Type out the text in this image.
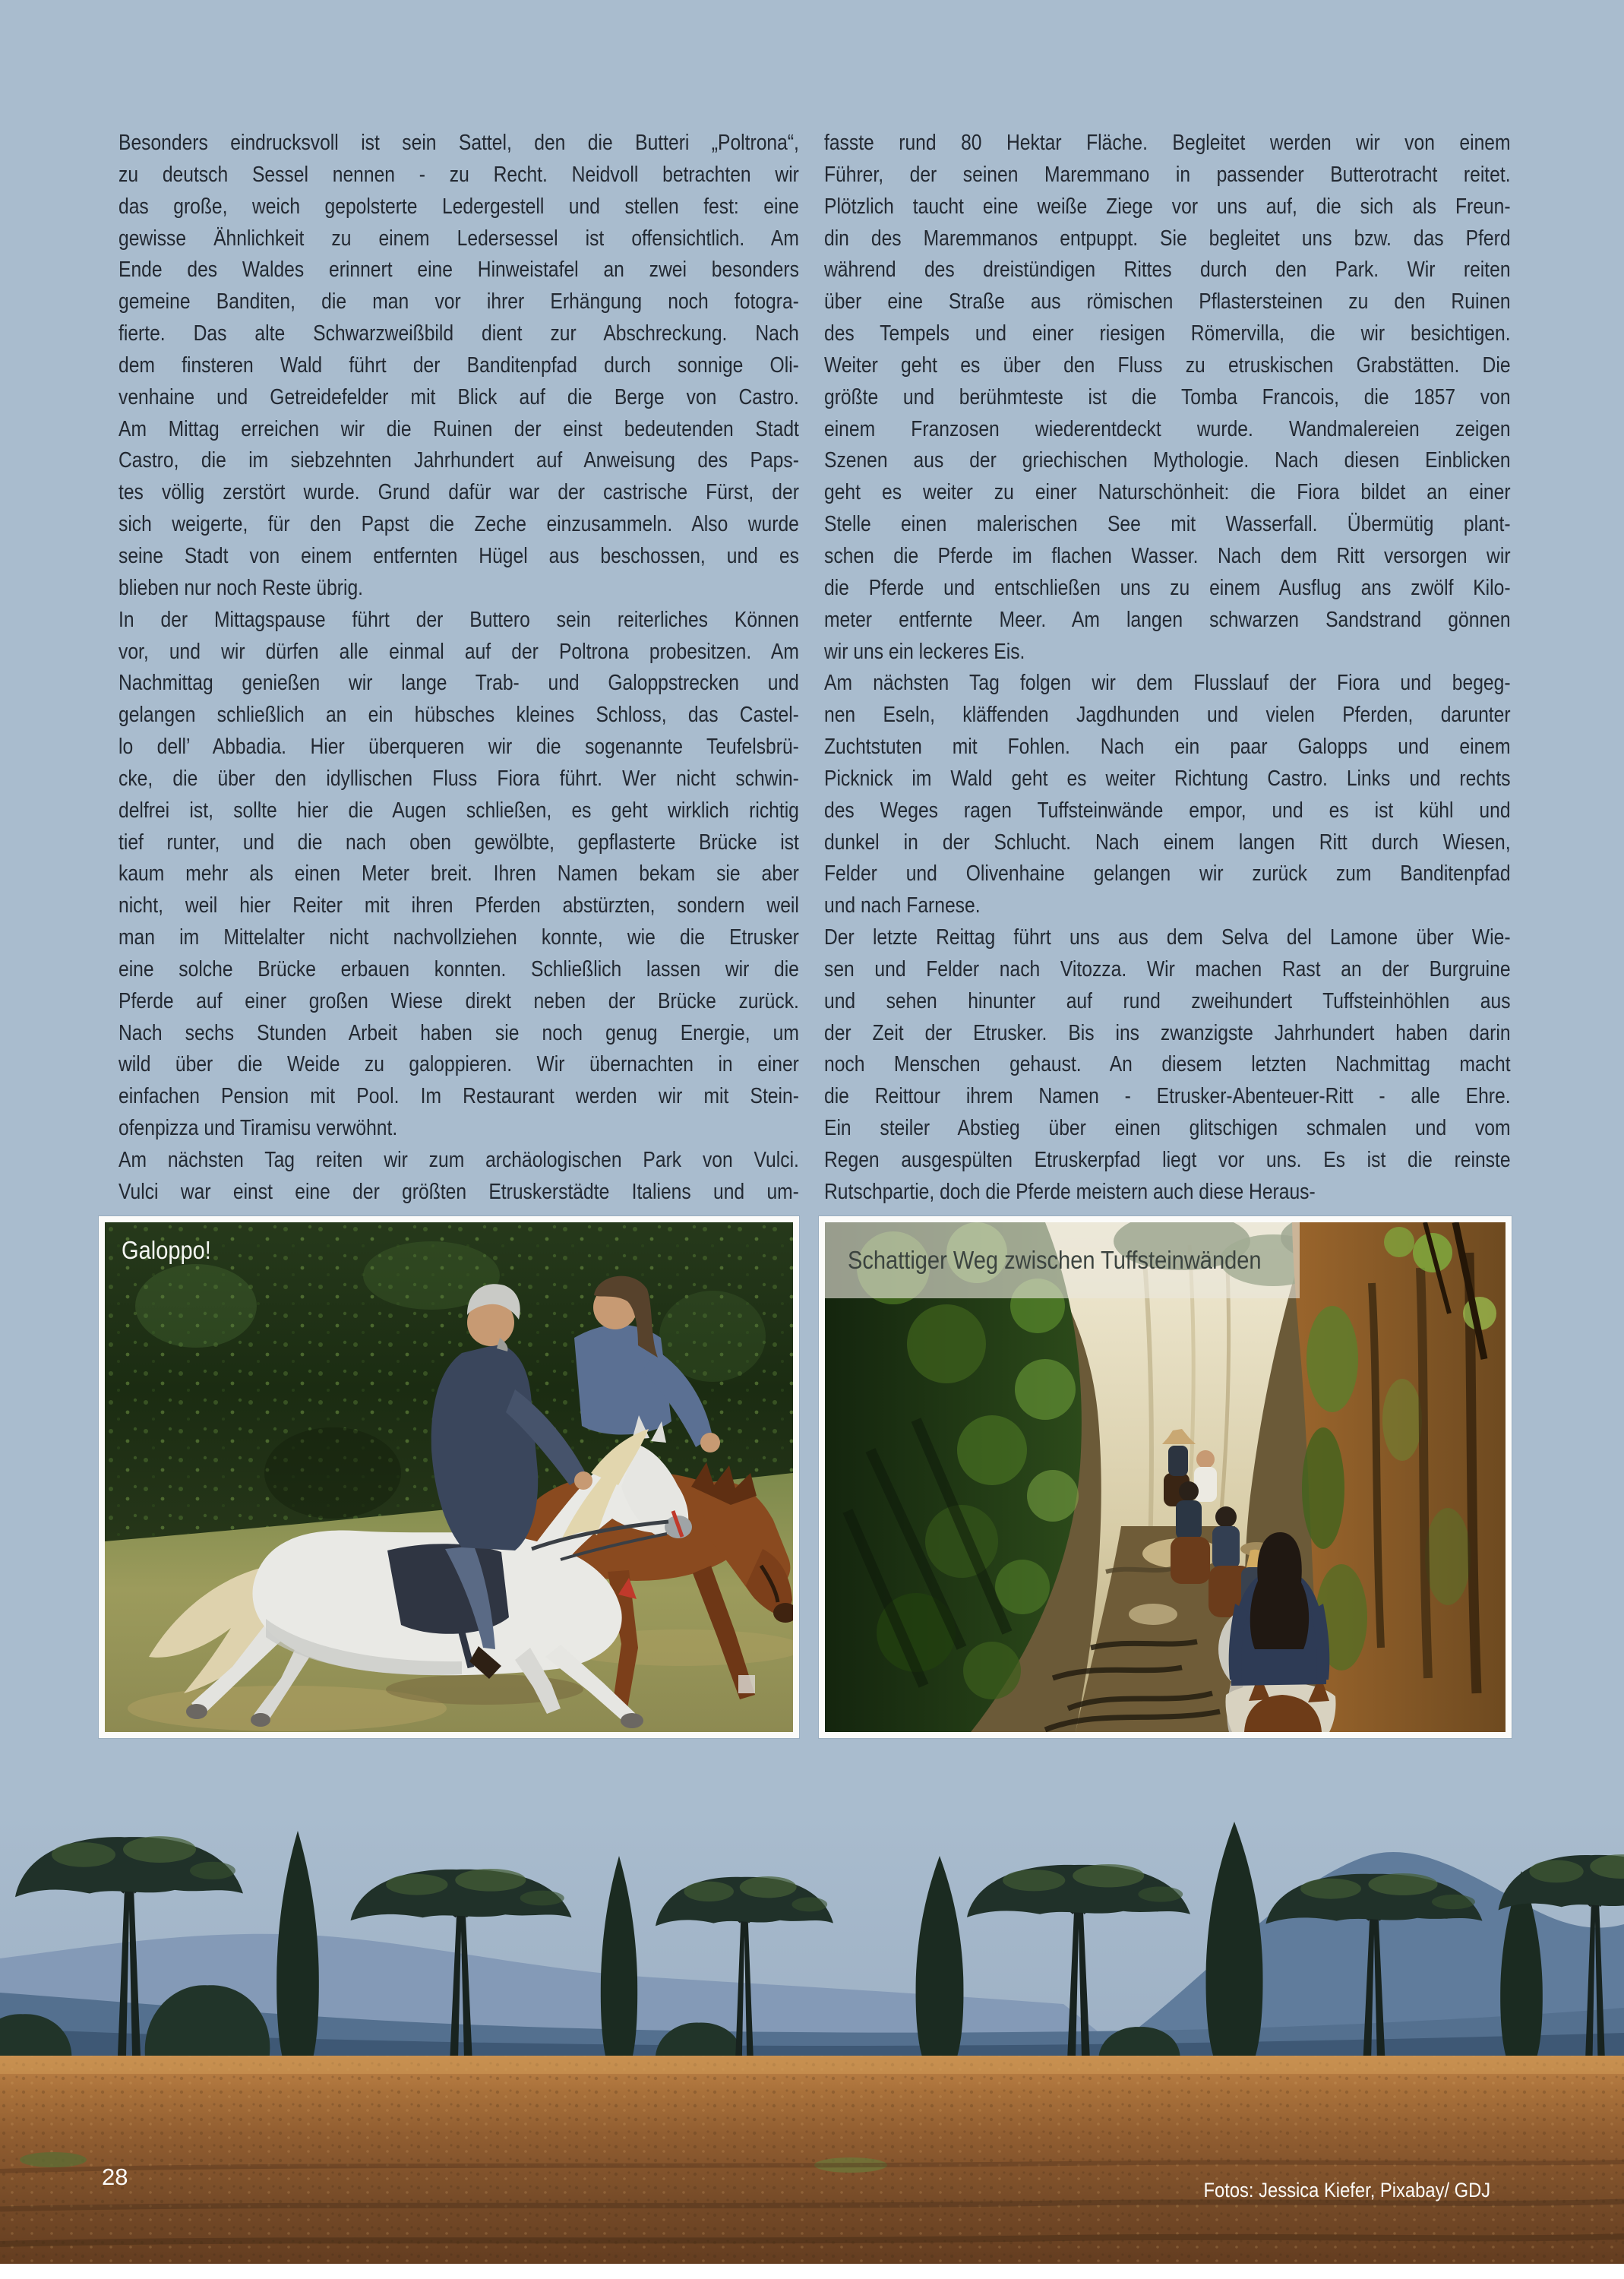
Besonders eindrucksvoll ist sein Sattel, den die Butteri „Poltrona“,
zu deutsch Sessel nennen - zu Recht. Neidvoll betrachten wir
das große, weich gepolsterte Ledergestell und stellen fest: eine
gewisse Ähnlichkeit zu einem Ledersessel ist offensichtlich. Am
Ende des Waldes erinnert eine Hinweistafel an zwei besonders
gemeine Banditen, die man vor ihrer Erhängung noch fotogra-
fierte. Das alte Schwarzweißbild dient zur Abschreckung. Nach
dem finsteren Wald führt der Banditenpfad durch sonnige Oli-
venhaine und Getreidefelder mit Blick auf die Berge von Castro.
Am Mittag erreichen wir die Ruinen der einst bedeutenden Stadt
Castro, die im siebzehnten Jahrhundert auf Anweisung des Paps-
tes völlig zerstört wurde. Grund dafür war der castrische Fürst, der
sich weigerte, für den Papst die Zeche einzusammeln. Also wurde
seine Stadt von einem entfernten Hügel aus beschossen, und es
blieben nur noch Reste übrig.
In der Mittagspause führt der Buttero sein reiterliches Können
vor, und wir dürfen alle einmal auf der Poltrona probesitzen. Am
Nachmittag genießen wir lange Trab- und Galoppstrecken und
gelangen schließlich an ein hübsches kleines Schloss, das Castel-
lo dell’ Abbadia. Hier überqueren wir die sogenannte Teufelsbrü-
cke, die über den idyllischen Fluss Fiora führt. Wer nicht schwin-
delfrei ist, sollte hier die Augen schließen, es geht wirklich richtig
tief runter, und die nach oben gewölbte, gepflasterte Brücke ist
kaum mehr als einen Meter breit. Ihren Namen bekam sie aber
nicht, weil hier Reiter mit ihren Pferden abstürzten, sondern weil
man im Mittelalter nicht nachvollziehen konnte, wie die Etrusker
eine solche Brücke erbauen konnten. Schließlich lassen wir die
Pferde auf einer großen Wiese direkt neben der Brücke zurück.
Nach sechs Stunden Arbeit haben sie noch genug Energie, um
wild über die Weide zu galoppieren. Wir übernachten in einer
einfachen Pension mit Pool. Im Restaurant werden wir mit Stein-
ofenpizza und Tiramisu verwöhnt.
Am nächsten Tag reiten wir zum archäologischen Park von Vulci.
Vulci war einst eine der größten Etruskerstädte Italiens und um-
fasste rund 80 Hektar Fläche. Begleitet werden wir von einem
Führer, der seinen Maremmano in passender Butterotracht reitet.
Plötzlich taucht eine weiße Ziege vor uns auf, die sich als Freun-
din des Maremmanos entpuppt. Sie begleitet uns bzw. das Pferd
während des dreistündigen Rittes durch den Park. Wir reiten
über eine Straße aus römischen Pflastersteinen zu den Ruinen
des Tempels und einer riesigen Römervilla, die wir besichtigen.
Weiter geht es über den Fluss zu etruskischen Grabstätten. Die
größte und berühmteste ist die Tomba Francois, die 1857 von
einem Franzosen wiederentdeckt wurde. Wandmalereien zeigen
Szenen aus der griechischen Mythologie. Nach diesen Einblicken
geht es weiter zu einer Naturschönheit: die Fiora bildet an einer
Stelle einen malerischen See mit Wasserfall. Übermütig plant-
schen die Pferde im flachen Wasser. Nach dem Ritt versorgen wir
die Pferde und entschließen uns zu einem Ausflug ans zwölf Kilo-
meter entfernte Meer. Am langen schwarzen Sandstrand gönnen
wir uns ein leckeres Eis.
Am nächsten Tag folgen wir dem Flusslauf der Fiora und begeg-
nen Eseln, kläffenden Jagdhunden und vielen Pferden, darunter
Zuchtstuten mit Fohlen. Nach ein paar Galopps und einem
Picknick im Wald geht es weiter Richtung Castro. Links und rechts
des Weges ragen Tuffsteinwände empor, und es ist kühl und
dunkel in der Schlucht. Nach einem langen Ritt durch Wiesen,
Felder und Olivenhaine gelangen wir zurück zum Banditenpfad
und nach Farnese.
Der letzte Reittag führt uns aus dem Selva del Lamone über Wie-
sen und Felder nach Vitozza. Wir machen Rast an der Burgruine
und sehen hinunter auf rund zweihundert Tuffsteinhöhlen aus
der Zeit der Etrusker. Bis ins zwanzigste Jahrhundert haben darin
noch Menschen gehaust. An diesem letzten Nachmittag macht
die Reittour ihrem Namen - Etrusker-Abenteuer-Ritt - alle Ehre.
Ein steiler Abstieg über einen glitschigen schmalen und vom
Regen ausgespülten Etruskerpfad liegt vor uns. Es ist die reinste
Rutschpartie, doch die Pferde meistern auch diese Heraus-
Galoppo!	Schattiger Weg zwischen Tuffsteinwänden
28	Fotos: Jessica Kiefer, Pixabay/ GDJ
